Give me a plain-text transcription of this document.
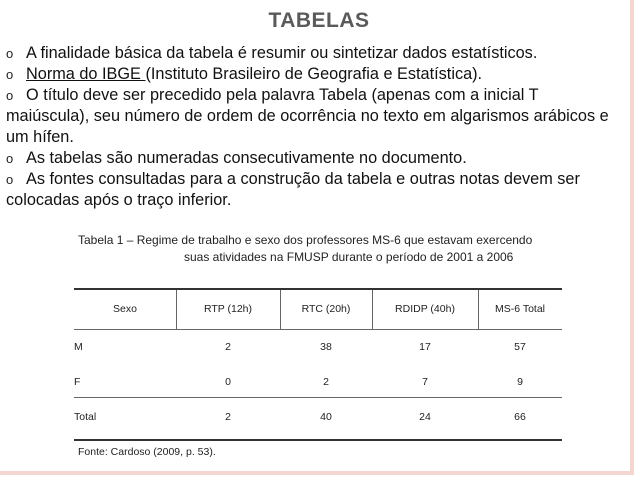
TABELAS

o A finalidade básica da tabela é resumir ou sintetizar dados estatísticos.

o Norma do IBGE (Instituto Brasileiro de Geografia e Estatística).

o O título deve ser precedido pela palavra Tabela (apenas com a inicial T maiúscula), seu número de ordem de ocorrência no texto em algarismos arábicos e um hífen.

o As tabelas são numeradas consecutivamente no documento.

o As fontes consultadas para a construção da tabela e outras notas devem ser colocadas após o traço inferior.

Tabela 1 – Regime de trabalho e sexo dos professores MS-6 que estavam exercendo
suas atividades na FMUSP durante o período de 2001 a 2006
Sexo	RTP (12h)	RTC (20h)	RDIDP (40h)	MS-6 Total
M	2	38	17	57
F	0	2	7	9
Total	2	40	24	66
Fonte: Cardoso (2009, p. 53).
